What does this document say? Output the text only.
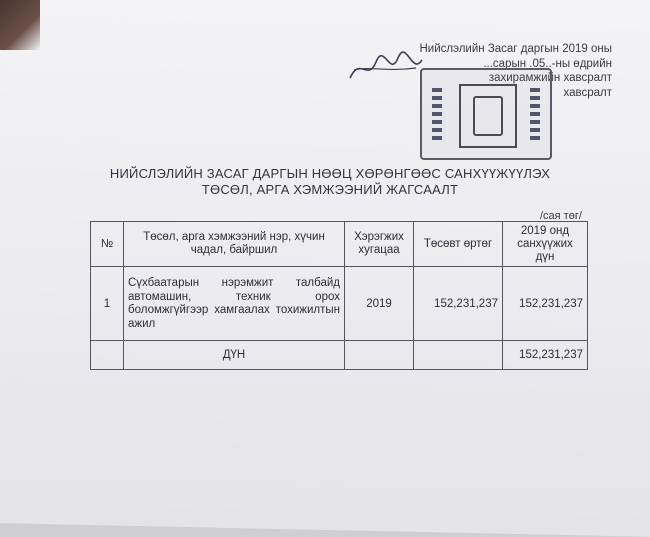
Нийслэлийн Засаг даргын 2019 оны
...сарын .05..-ны өдрийн
захирамжийн хавсралт
хавсралт
НИЙСЛЭЛИЙН ЗАСАГ ДАРГЫН НӨӨЦ ХӨРӨНГӨӨС САНХҮҮЖҮҮЛЭХ
ТӨСӨЛ, АРГА ХЭМЖЭЭНИЙ ЖАГСААЛТ
/сая төг/
№	Төсөл, арга хэмжээний нэр, хүчин чадал, байршил	Хэрэгжих хугацаа	Төсөвт өртөг	2019 онд санхүүжих дүн
1	Сүхбаатарын нэрэмжит талбайд автомашин, техник орох боломжгүйгээр хамгаалах тохижилтын ажил	2019	152,231,237	152,231,237
	ДҮН			152,231,237
